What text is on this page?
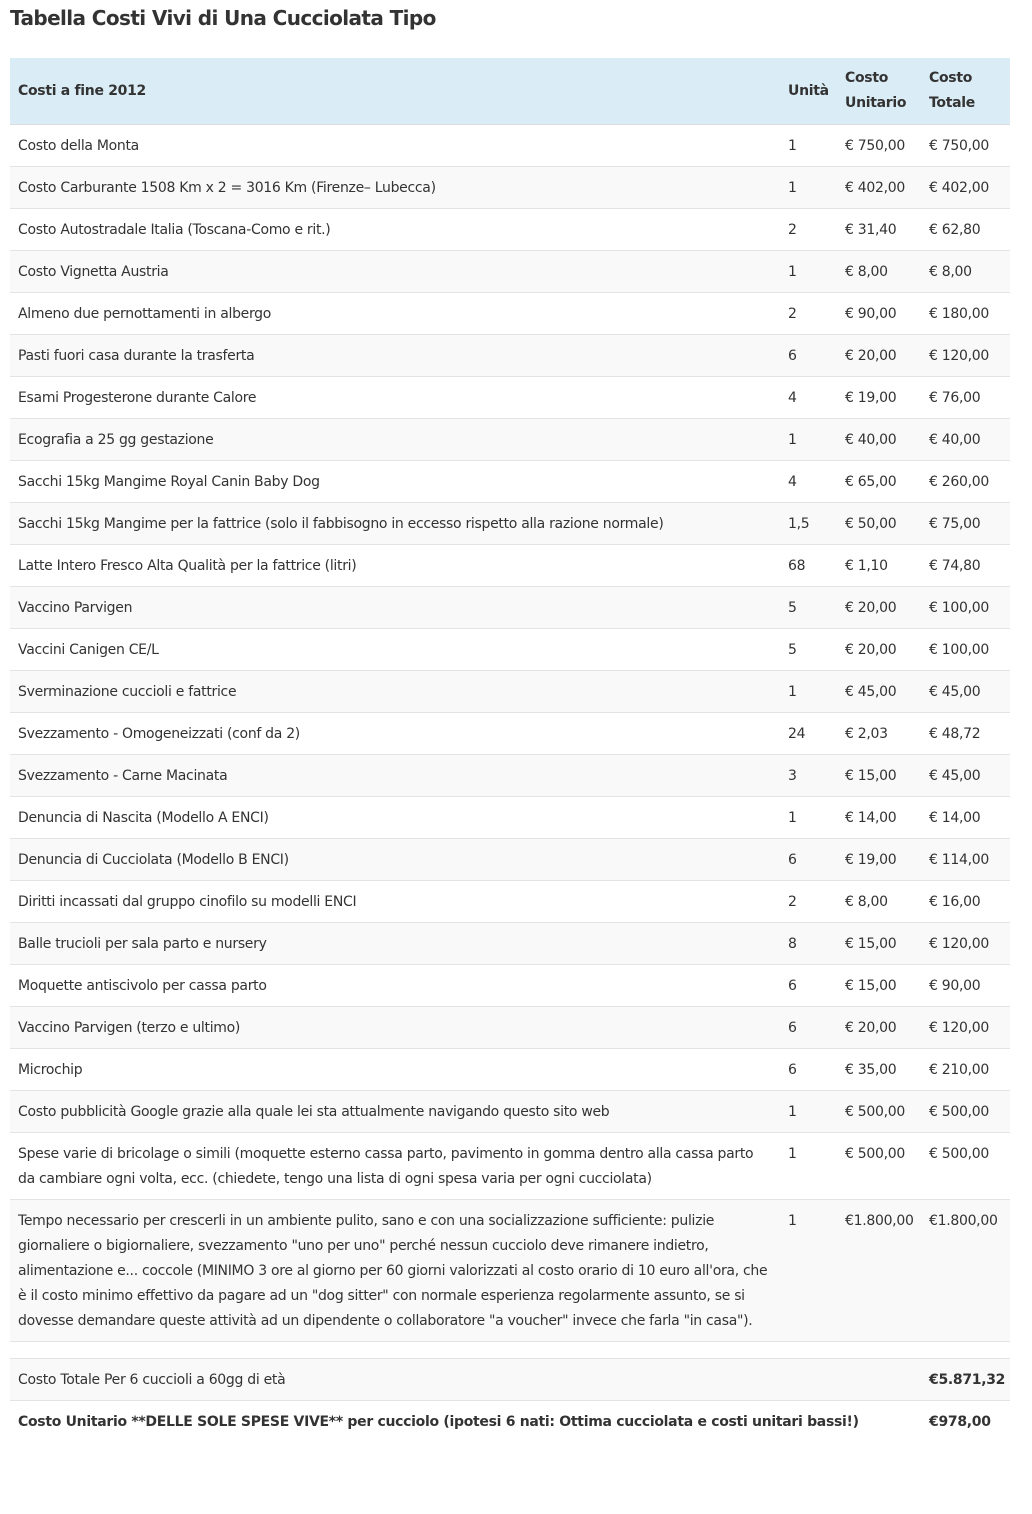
Tabella Costi Vivi di Una Cucciolata Tipo
Costi a fine 2012	Unità	Costo Unitario	Costo Totale
Costo della Monta	1	€ 750,00	€ 750,00
Costo Carburante 1508 Km x 2 = 3016 Km (Firenze– Lubecca)	1	€ 402,00	€ 402,00
Costo Autostradale Italia (Toscana-Como e rit.)	2	€ 31,40	€ 62,80
Costo Vignetta Austria	1	€ 8,00	€ 8,00
Almeno due pernottamenti in albergo	2	€ 90,00	€ 180,00
Pasti fuori casa durante la trasferta	6	€ 20,00	€ 120,00
Esami Progesterone durante Calore	4	€ 19,00	€ 76,00
Ecografia a 25 gg gestazione	1	€ 40,00	€ 40,00
Sacchi 15kg Mangime Royal Canin Baby Dog	4	€ 65,00	€ 260,00
Sacchi 15kg Mangime per la fattrice (solo il fabbisogno in eccesso rispetto alla razione normale)	1,5	€ 50,00	€ 75,00
Latte Intero Fresco Alta Qualità per la fattrice (litri)	68	€ 1,10	€ 74,80
Vaccino Parvigen	5	€ 20,00	€ 100,00
Vaccini Canigen CE/L	5	€ 20,00	€ 100,00
Sverminazione cuccioli e fattrice	1	€ 45,00	€ 45,00
Svezzamento - Omogeneizzati (conf da 2)	24	€ 2,03	€ 48,72
Svezzamento - Carne Macinata	3	€ 15,00	€ 45,00
Denuncia di Nascita (Modello A ENCI)	1	€ 14,00	€ 14,00
Denuncia di Cucciolata (Modello B ENCI)	6	€ 19,00	€ 114,00
Diritti incassati dal gruppo cinofilo su modelli ENCI	2	€ 8,00	€ 16,00
Balle trucioli per sala parto e nursery	8	€ 15,00	€ 120,00
Moquette antiscivolo per cassa parto	6	€ 15,00	€ 90,00
Vaccino Parvigen (terzo e ultimo)	6	€ 20,00	€ 120,00
Microchip	6	€ 35,00	€ 210,00
Costo pubblicità Google grazie alla quale lei sta attualmente navigando questo sito web	1	€ 500,00	€ 500,00
Spese varie di bricolage o simili (moquette esterno cassa parto, pavimento in gomma dentro alla cassa parto da cambiare ogni volta, ecc. (chiedete, tengo una lista di ogni spesa varia per ogni cucciolata)	1	€ 500,00	€ 500,00
Tempo necessario per crescerli in un ambiente pulito, sano e con una socializzazione sufficiente: pulizie giornaliere o bigiornaliere, svezzamento "uno per uno" perché nessun cucciolo deve rimanere indietro, alimentazione e... coccole (MINIMO 3 ore al giorno per 60 giorni valorizzati al costo orario di 10 euro all'ora, che è il costo minimo effettivo da pagare ad un "dog sitter" con normale esperienza regolarmente assunto, se si dovesse demandare queste attività ad un dipendente o collaboratore "a voucher" invece che farla "in casa").	1	€1.800,00	€1.800,00

Costo Totale Per 6 cuccioli a 60gg di età			€5.871,32
Costo Unitario **DELLE SOLE SPESE VIVE** per cucciolo (ipotesi 6 nati: Ottima cucciolata e costi unitari bassi!)			€978,00
